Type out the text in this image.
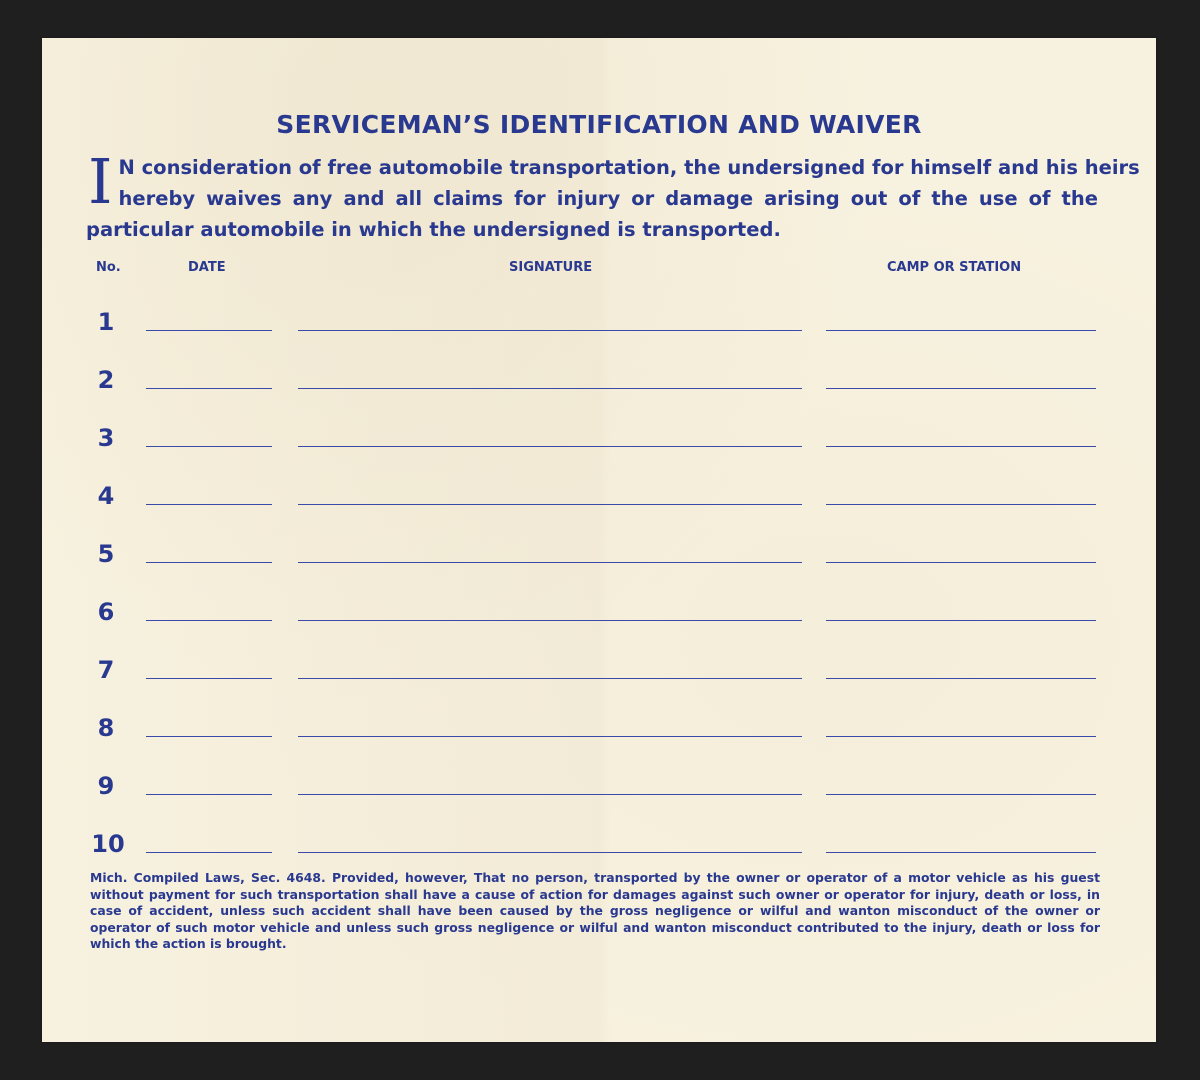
SERVICEMAN’S IDENTIFICATION AND WAIVER
I N consideration of free automobile transportation, the undersigned for himself and his heirs
hereby waives any and all claims for injury or damage arising out of the use of the
particular automobile in which the undersigned is transported.
No.	DATE	SIGNATURE	CAMP OR STATION
1
2
3
4
5
6
7
8
9
10
Mich. Compiled Laws, Sec. 4648. Provided, however, That no person, transported by the owner or operator of a motor vehicle as his guest without payment for such transportation shall have a cause of action for damages against such owner or operator for injury, death or loss, in case of accident, unless such accident shall have been caused by the gross negligence or wilful and wanton misconduct of the owner or operator of such motor vehicle and unless such gross negligence or wilful and wanton misconduct contributed to the injury, death or loss for which the action is brought.
